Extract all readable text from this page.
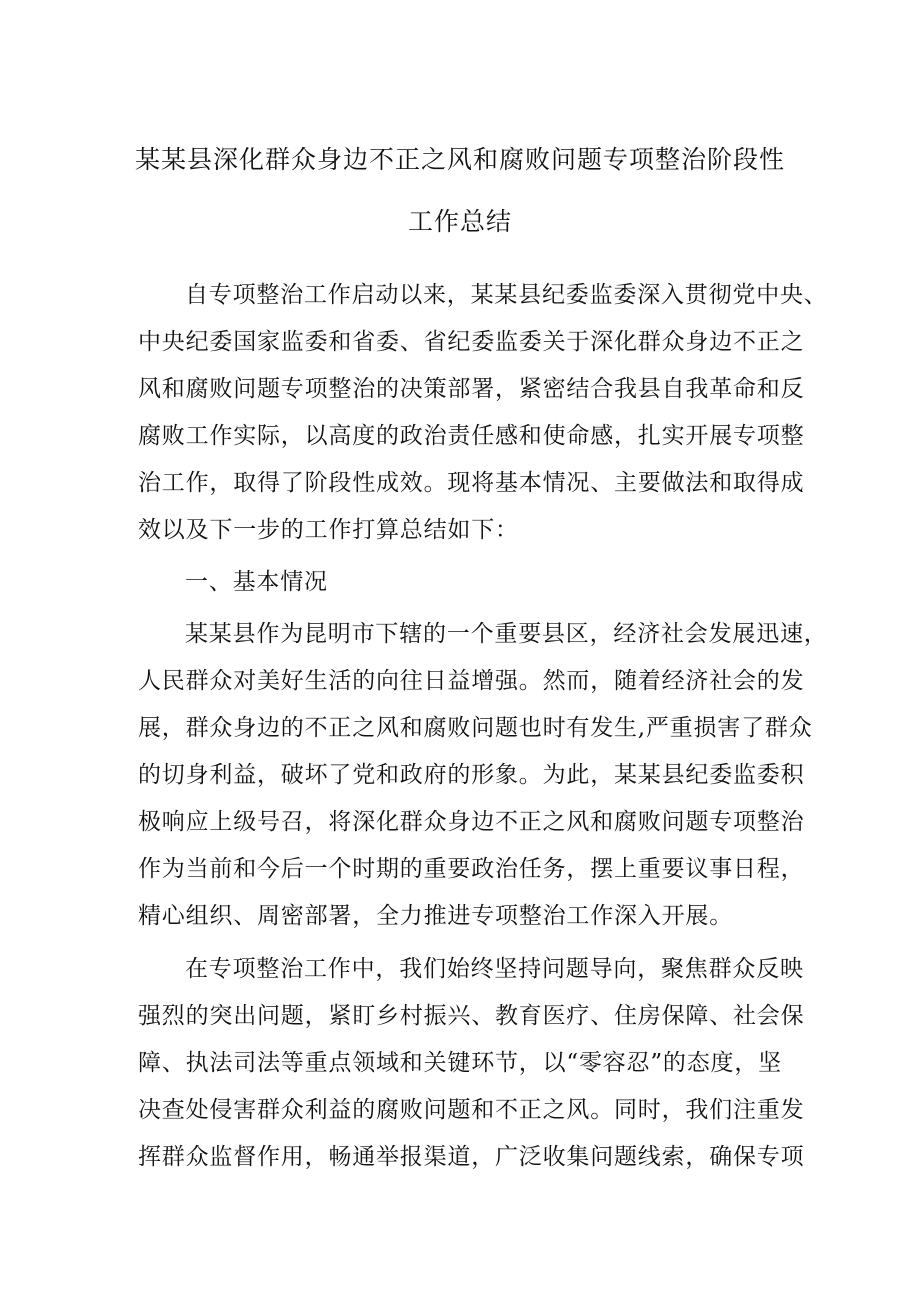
某某县深化群众身边不正之风和腐败问题专项整治阶段性
工作总结
自专项整治工作启动以来，某某县纪委监委深入贯彻党中央、
中央纪委国家监委和省委、省纪委监委关于深化群众身边不正之
风和腐败问题专项整治的决策部署，紧密结合我县自我革命和反
腐败工作实际，以高度的政治责任感和使命感，扎实开展专项整
治工作，取得了阶段性成效。现将基本情况、主要做法和取得成
效以及下一步的工作打算总结如下：
一、基本情况
某某县作为昆明市下辖的一个重要县区，经济社会发展迅速，
人民群众对美好生活的向往日益增强。然而，随着经济社会的发
展，群众身边的不正之风和腐败问题也时有发生,严重损害了群众
的切身利益，破坏了党和政府的形象。为此，某某县纪委监委积
极响应上级号召，将深化群众身边不正之风和腐败问题专项整治
作为当前和今后一个时期的重要政治任务，摆上重要议事日程，
精心组织、周密部署，全力推进专项整治工作深入开展。
在专项整治工作中，我们始终坚持问题导向，聚焦群众反映
强烈的突出问题，紧盯乡村振兴、教育医疗、住房保障、社会保
障、执法司法等重点领域和关键环节，以“零容忍”的态度，坚
决查处侵害群众利益的腐败问题和不正之风。同时，我们注重发
挥群众监督作用，畅通举报渠道，广泛收集问题线索，确保专项
